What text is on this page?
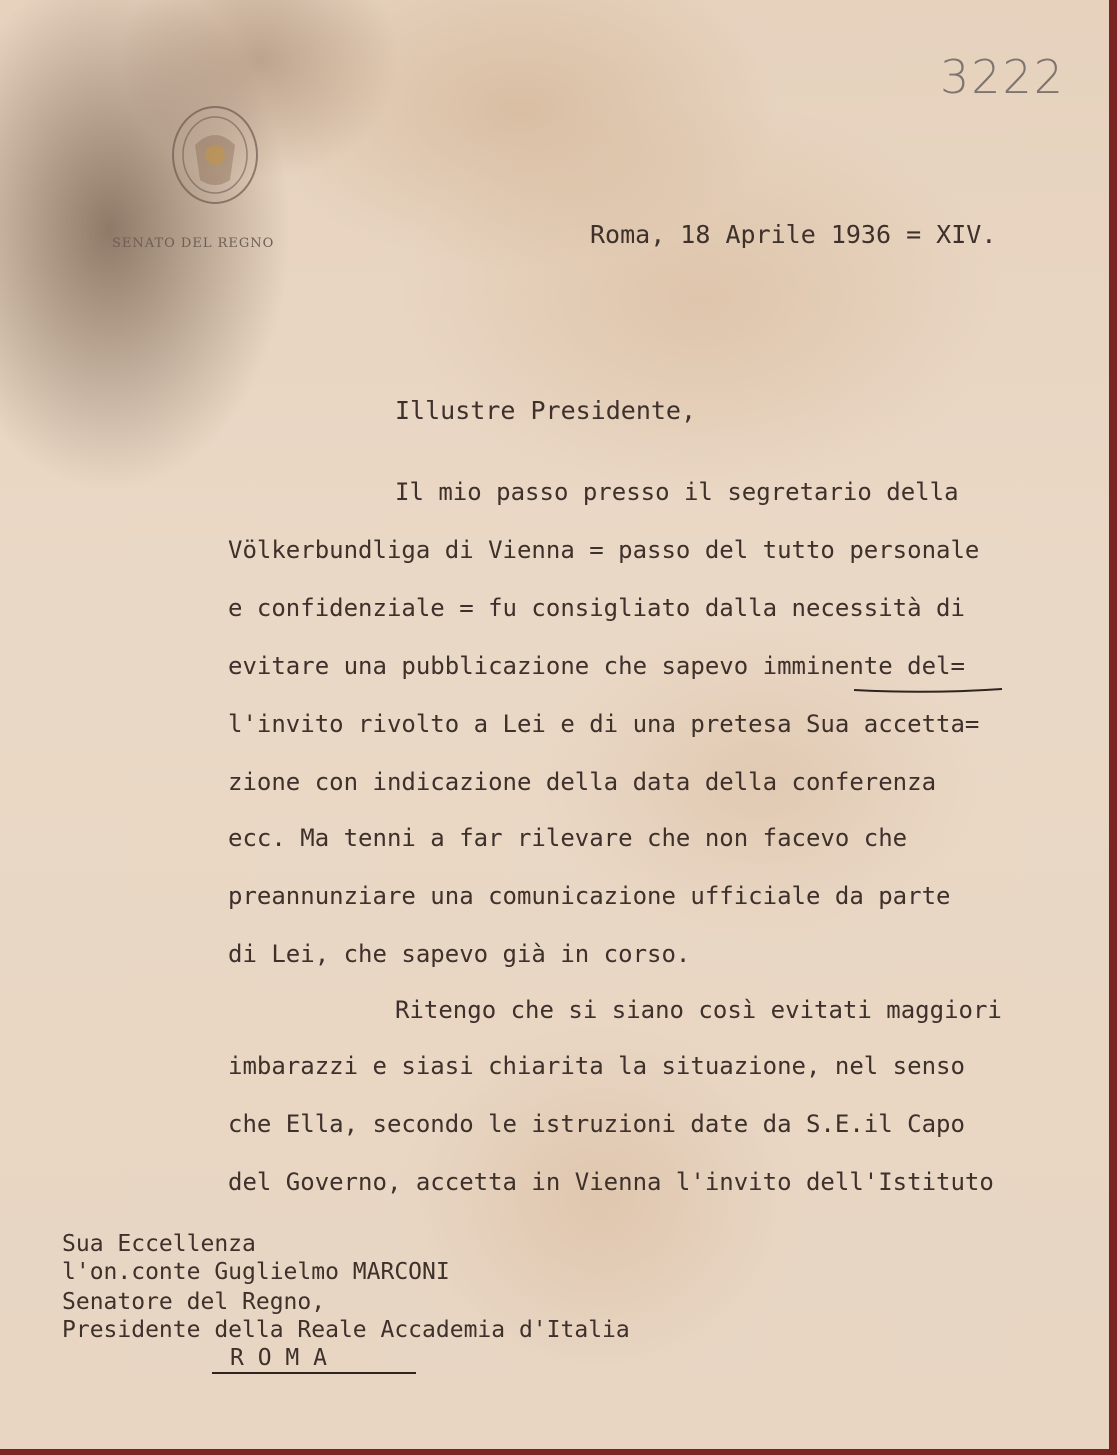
3222
SENATO DEL REGNO	Roma, 18 Aprile 1936 = XIV.
Illustre Presidente,
Il mio passo presso il segretario della
Völkerbundliga di Vienna = passo del tutto personale
e confidenziale = fu consigliato dalla necessità di
evitare una pubblicazione che sapevo imminente del=
l'invito rivolto a Lei e di una pretesa Sua accetta=
zione con indicazione della data della conferenza
ecc. Ma tenni a far rilevare che non facevo che
preannunziare una comunicazione ufficiale da parte
di Lei, che sapevo già in corso.
Ritengo che si siano così evitati maggiori
imbarazzi e siasi chiarita la situazione, nel senso
che Ella, secondo le istruzioni date da S.E.il Capo
del Governo, accetta in Vienna l'invito dell'Istituto
Sua Eccellenza
l'on.conte Guglielmo MARCONI
Senatore del Regno,
Presidente della Reale Accademia d'Italia
R O M A
